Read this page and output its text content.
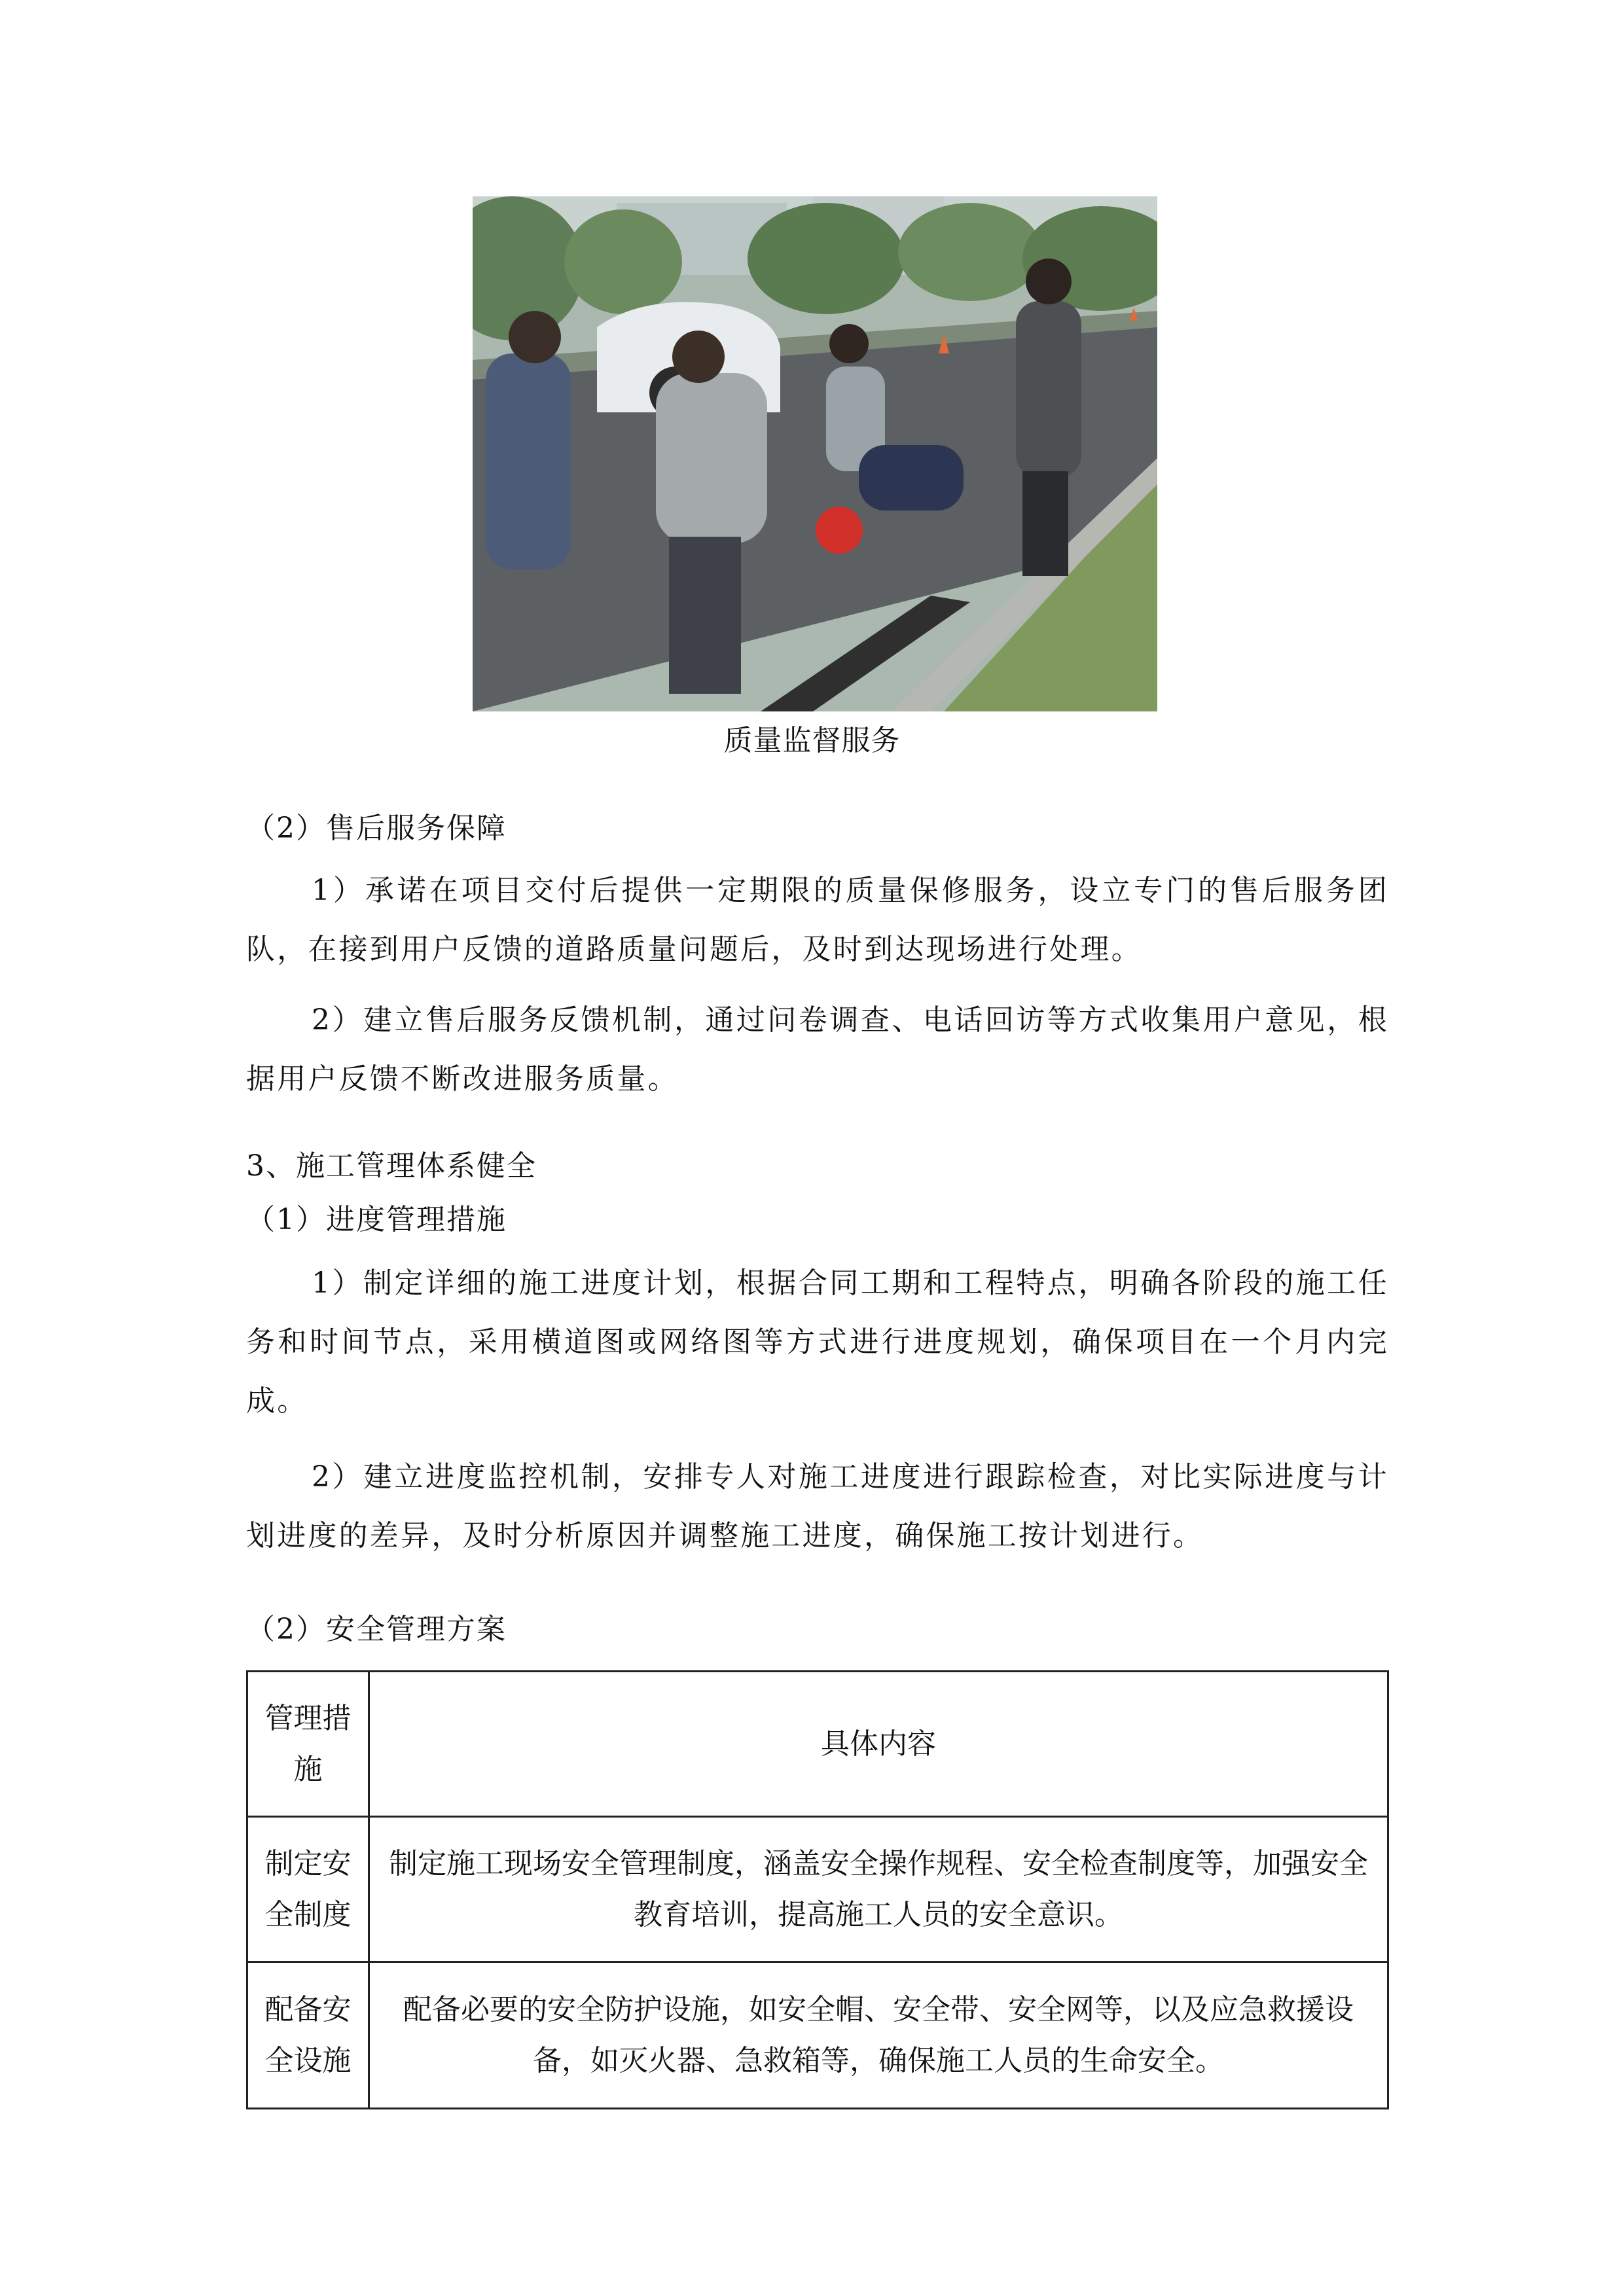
质量监督服务
（2）售后服务保障

1）承诺在项目交付后提供一定期限的质量保修服务，设立专门的售后服务团队，在接到用户反馈的道路质量问题后，及时到达现场进行处理。

2）建立售后服务反馈机制，通过问卷调查、电话回访等方式收集用户意见，根据用户反馈不断改进服务质量。

3、施工管理体系健全
（1）进度管理措施

1）制定详细的施工进度计划，根据合同工期和工程特点，明确各阶段的施工任务和时间节点，采用横道图或网络图等方式进行进度规划，确保项目在一个月内完成。

2）建立进度监控机制，安排专人对施工进度进行跟踪检查，对比实际进度与计划进度的差异，及时分析原因并调整施工进度，确保施工按计划进行。

（2）安全管理方案
管理措施	具体内容
制定安全制度	制定施工现场安全管理制度，涵盖安全操作规程、安全检查制度等，加强安全教育培训，提高施工人员的安全意识。
配备安全设施	配备必要的安全防护设施，如安全帽、安全带、安全网等，以及应急救援设备，如灭火器、急救箱等，确保施工人员的生命安全。
